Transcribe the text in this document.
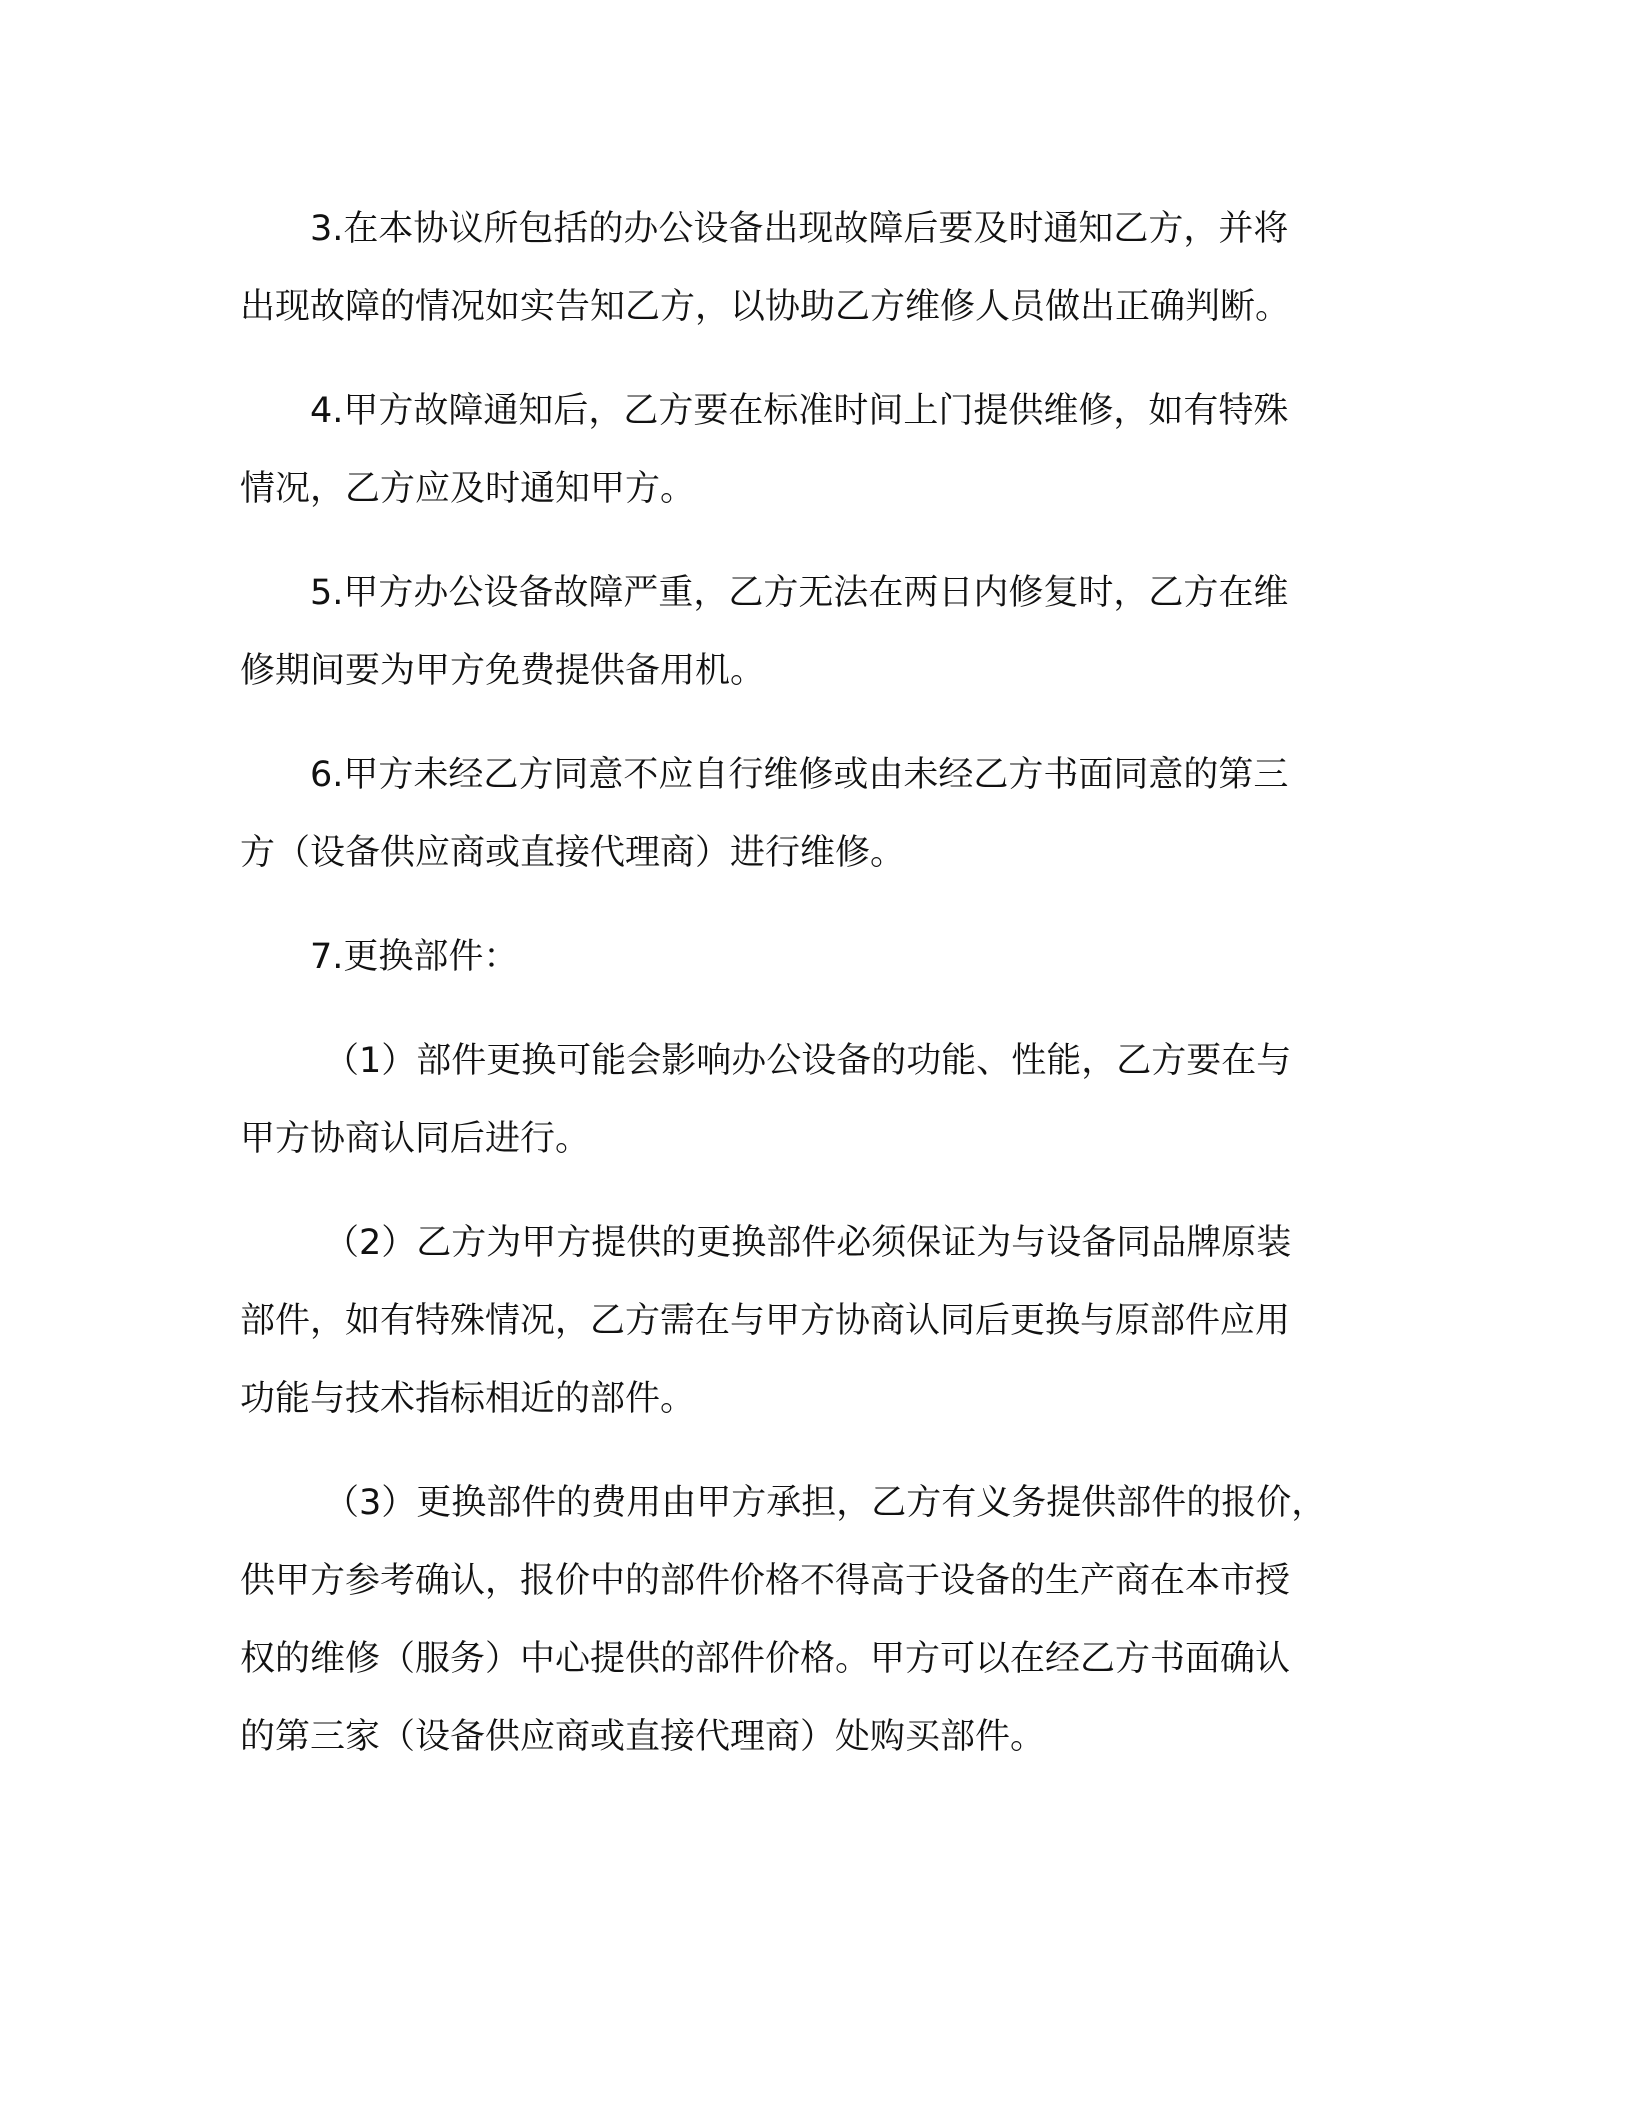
3.在本协议所包括的办公设备出现故障后要及时通知乙方，并将
出现故障的情况如实告知乙方，以协助乙方维修人员做出正确判断。

4.甲方故障通知后，乙方要在标准时间上门提供维修，如有特殊
情况，乙方应及时通知甲方。

5.甲方办公设备故障严重，乙方无法在两日内修复时，乙方在维
修期间要为甲方免费提供备用机。

6.甲方未经乙方同意不应自行维修或由未经乙方书面同意的第三
方（设备供应商或直接代理商）进行维修。

7.更换部件：

（1）部件更换可能会影响办公设备的功能、性能，乙方要在与
甲方协商认同后进行。

（2）乙方为甲方提供的更换部件必须保证为与设备同品牌原装
部件，如有特殊情况，乙方需在与甲方协商认同后更换与原部件应用
功能与技术指标相近的部件。

（3）更换部件的费用由甲方承担，乙方有义务提供部件的报价，
供甲方参考确认，报价中的部件价格不得高于设备的生产商在本市授
权的维修（服务）中心提供的部件价格。甲方可以在经乙方书面确认
的第三家（设备供应商或直接代理商）处购买部件。
